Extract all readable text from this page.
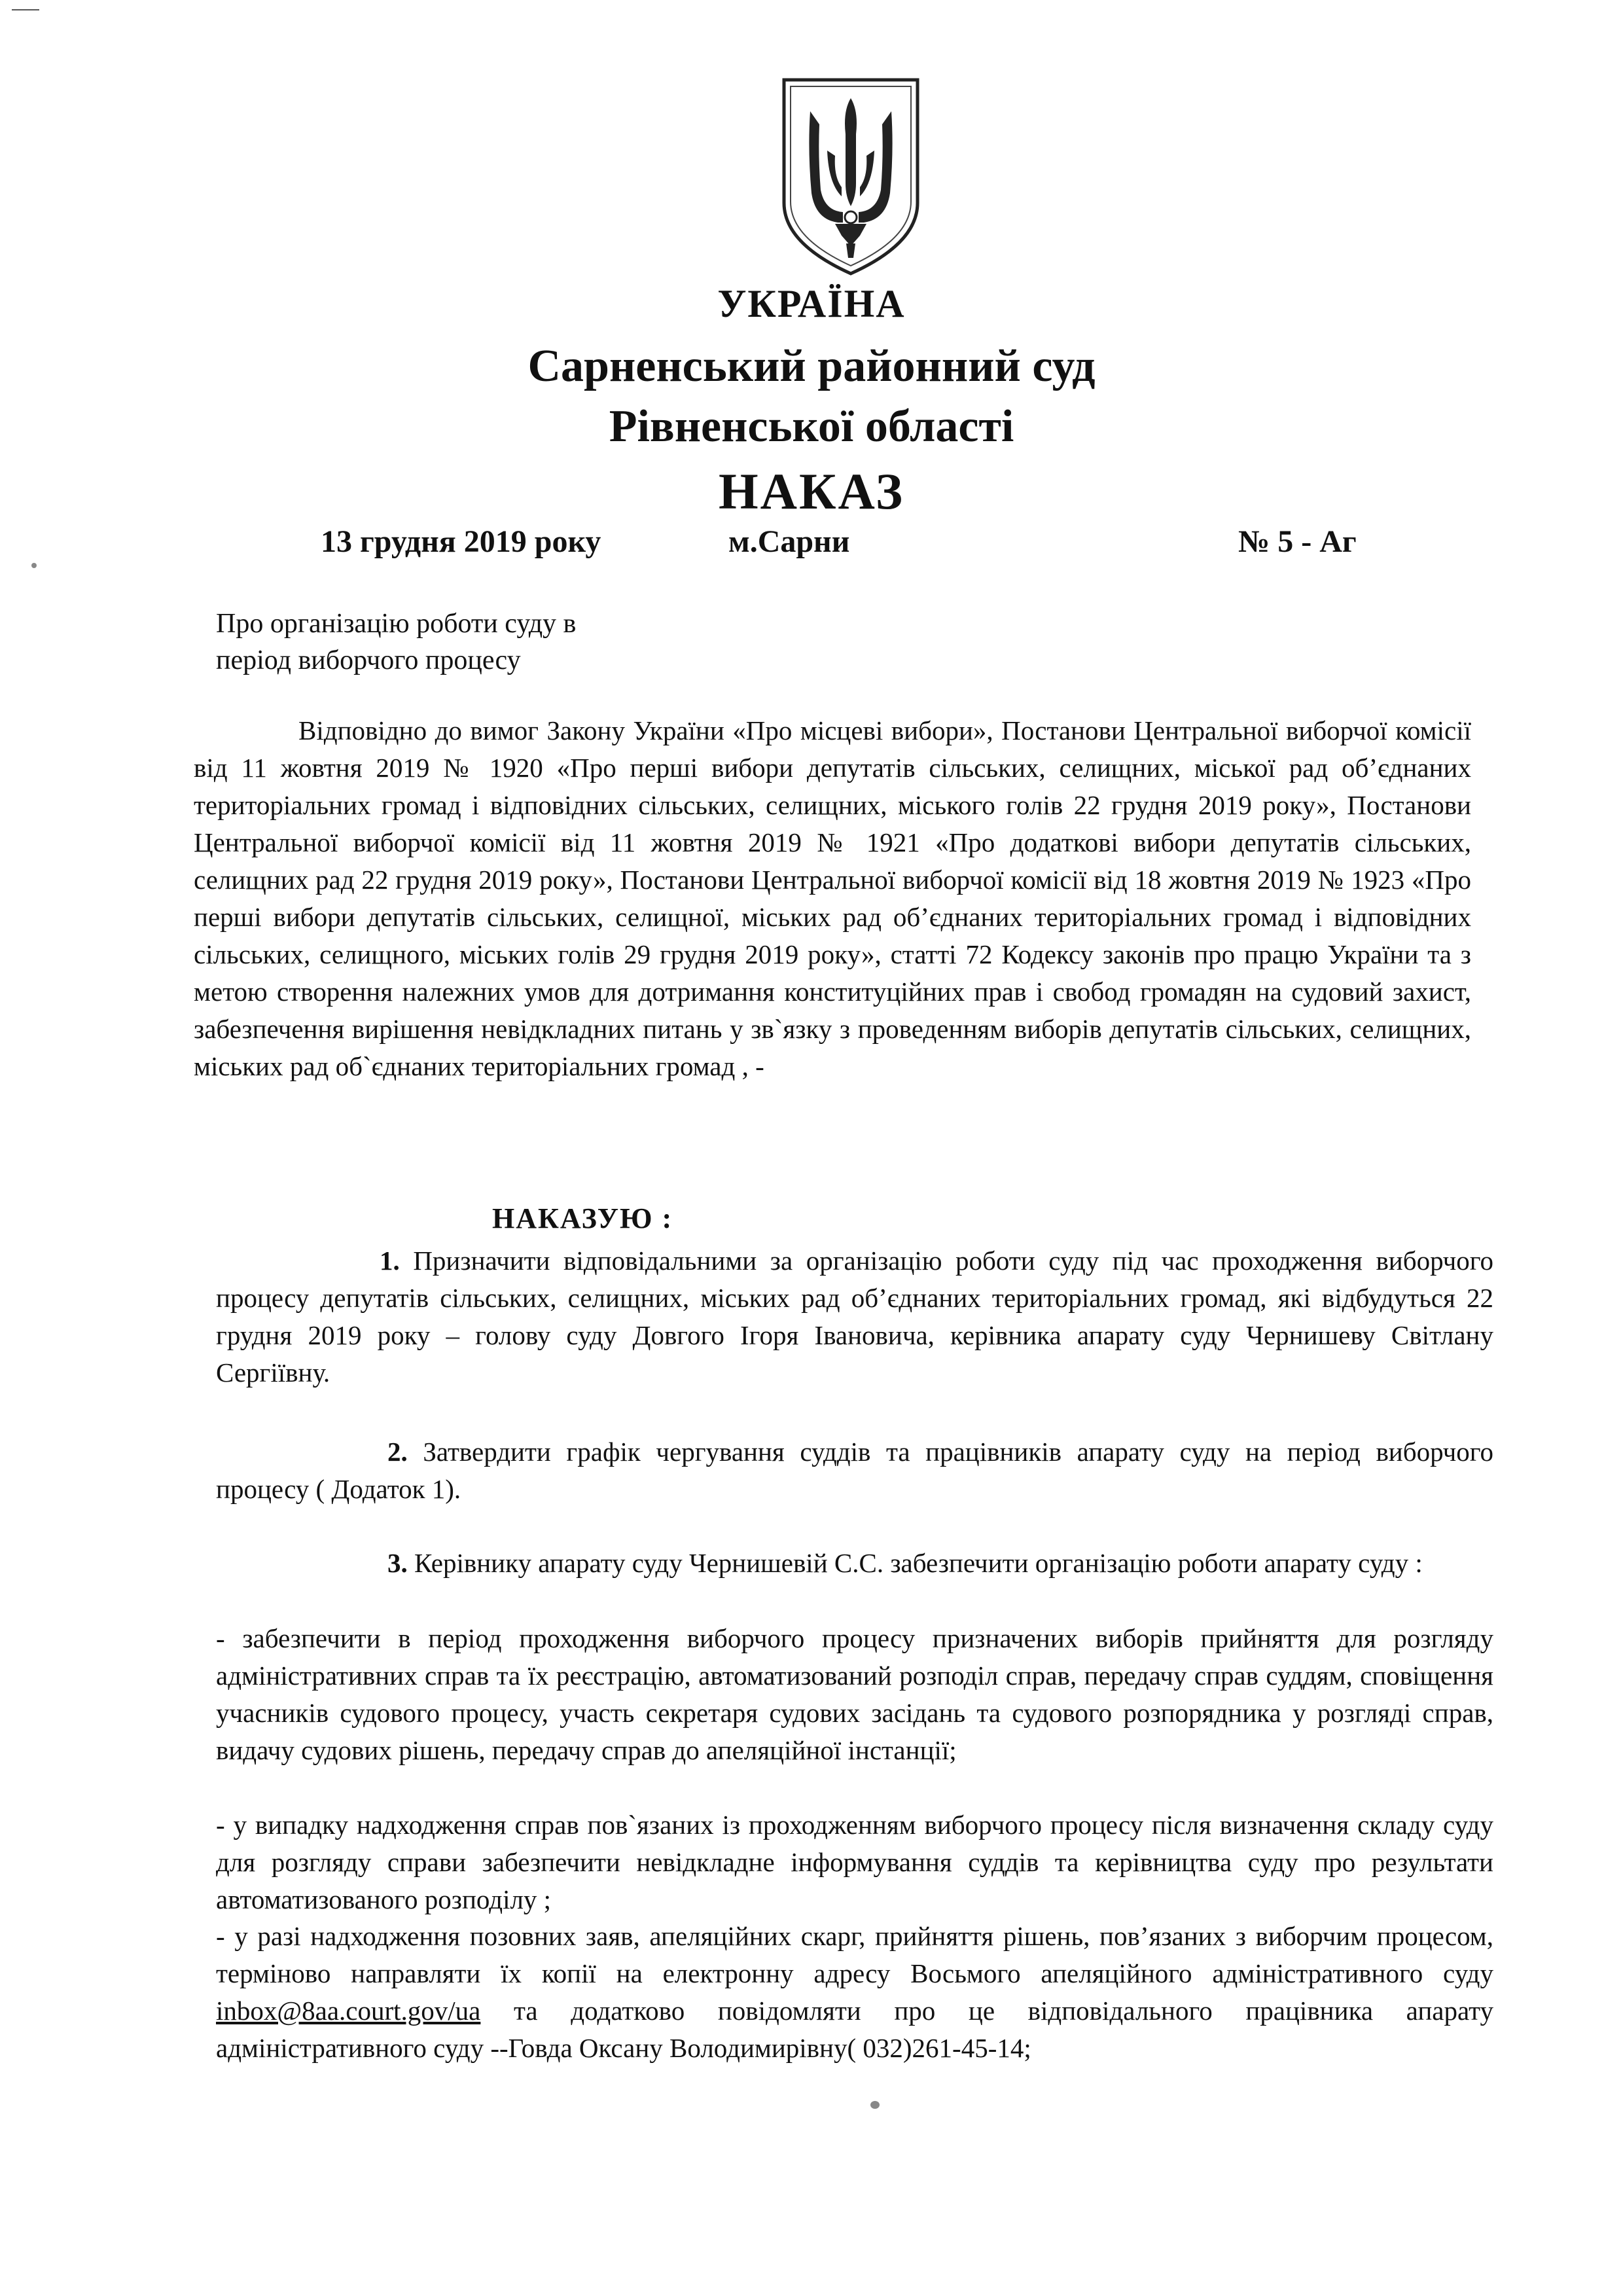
УКРАЇНА
Сарненський районний суд
Рівненської області
НАКАЗ
13 грудня 2019 року	м.Сарни	№ 5 - Аг
Про організацію роботи суду в
період виборчого процесу
Відповідно до вимог Закону України «Про місцеві вибори», Постанови Центральної виборчої комісії від 11 жовтня 2019 № 1920 «Про перші вибори депутатів сільських, селищних, міської рад об’єднаних територіальних громад і відповідних сільських, селищних, міського голів 22 грудня 2019 року», Постанови Центральної виборчої комісії від 11 жовтня 2019 № 1921 «Про додаткові вибори депутатів сільських, селищних рад 22 грудня 2019 року», Постанови Центральної виборчої комісії від 18 жовтня 2019 № 1923 «Про перші вибори депутатів сільських, селищної, міських рад об’єднаних територіальних громад і відповідних сільських, селищного, міських голів 29 грудня 2019 року», статті 72 Кодексу законів про працю України та з метою створення належних умов для дотримання конституційних прав і свобод громадян на судовий захист, забезпечення вирішення невідкладних питань у зв`язку з проведенням виборів депутатів сільських, селищних, міських рад об`єднаних територіальних громад , -
НАКАЗУЮ :
1. Призначити відповідальними за організацію роботи суду під час проходження виборчого процесу депутатів сільських, селищних, міських рад об’єднаних територіальних громад, які відбудуться 22 грудня 2019 року – голову суду Довгого Ігоря Івановича, керівника апарату суду Чернишеву Світлану Сергіївну.
2. Затвердити графік чергування суддів та працівників апарату суду на період виборчого процесу ( Додаток 1).
3. Керівнику апарату суду Чернишевій С.С. забезпечити організацію роботи апарату суду :
- забезпечити в період проходження виборчого процесу призначених виборів прийняття для розгляду адміністративних справ та їх реєстрацію, автоматизований розподіл справ, передачу справ суддям, сповіщення учасників судового процесу, участь секретаря судових засідань та судового розпорядника у розгляді справ, видачу судових рішень, передачу справ до апеляційної інстанції;
- у випадку надходження справ пов`язаних із проходженням виборчого процесу після визначення складу суду для розгляду справи забезпечити невідкладне інформування суддів та керівництва суду про результати автоматизованого розподілу ;
- у разі надходження позовних заяв, апеляційних скарг, прийняття рішень, пов’язаних з виборчим процесом, терміново направляти їх копії на електронну адресу Восьмого апеляційного адміністративного суду inbox@8aa.court.gov/ua та додатково повідомляти про це відповідального працівника апарату адміністративного суду --Говда Оксану Володимирівну( 032)261-45-14;
